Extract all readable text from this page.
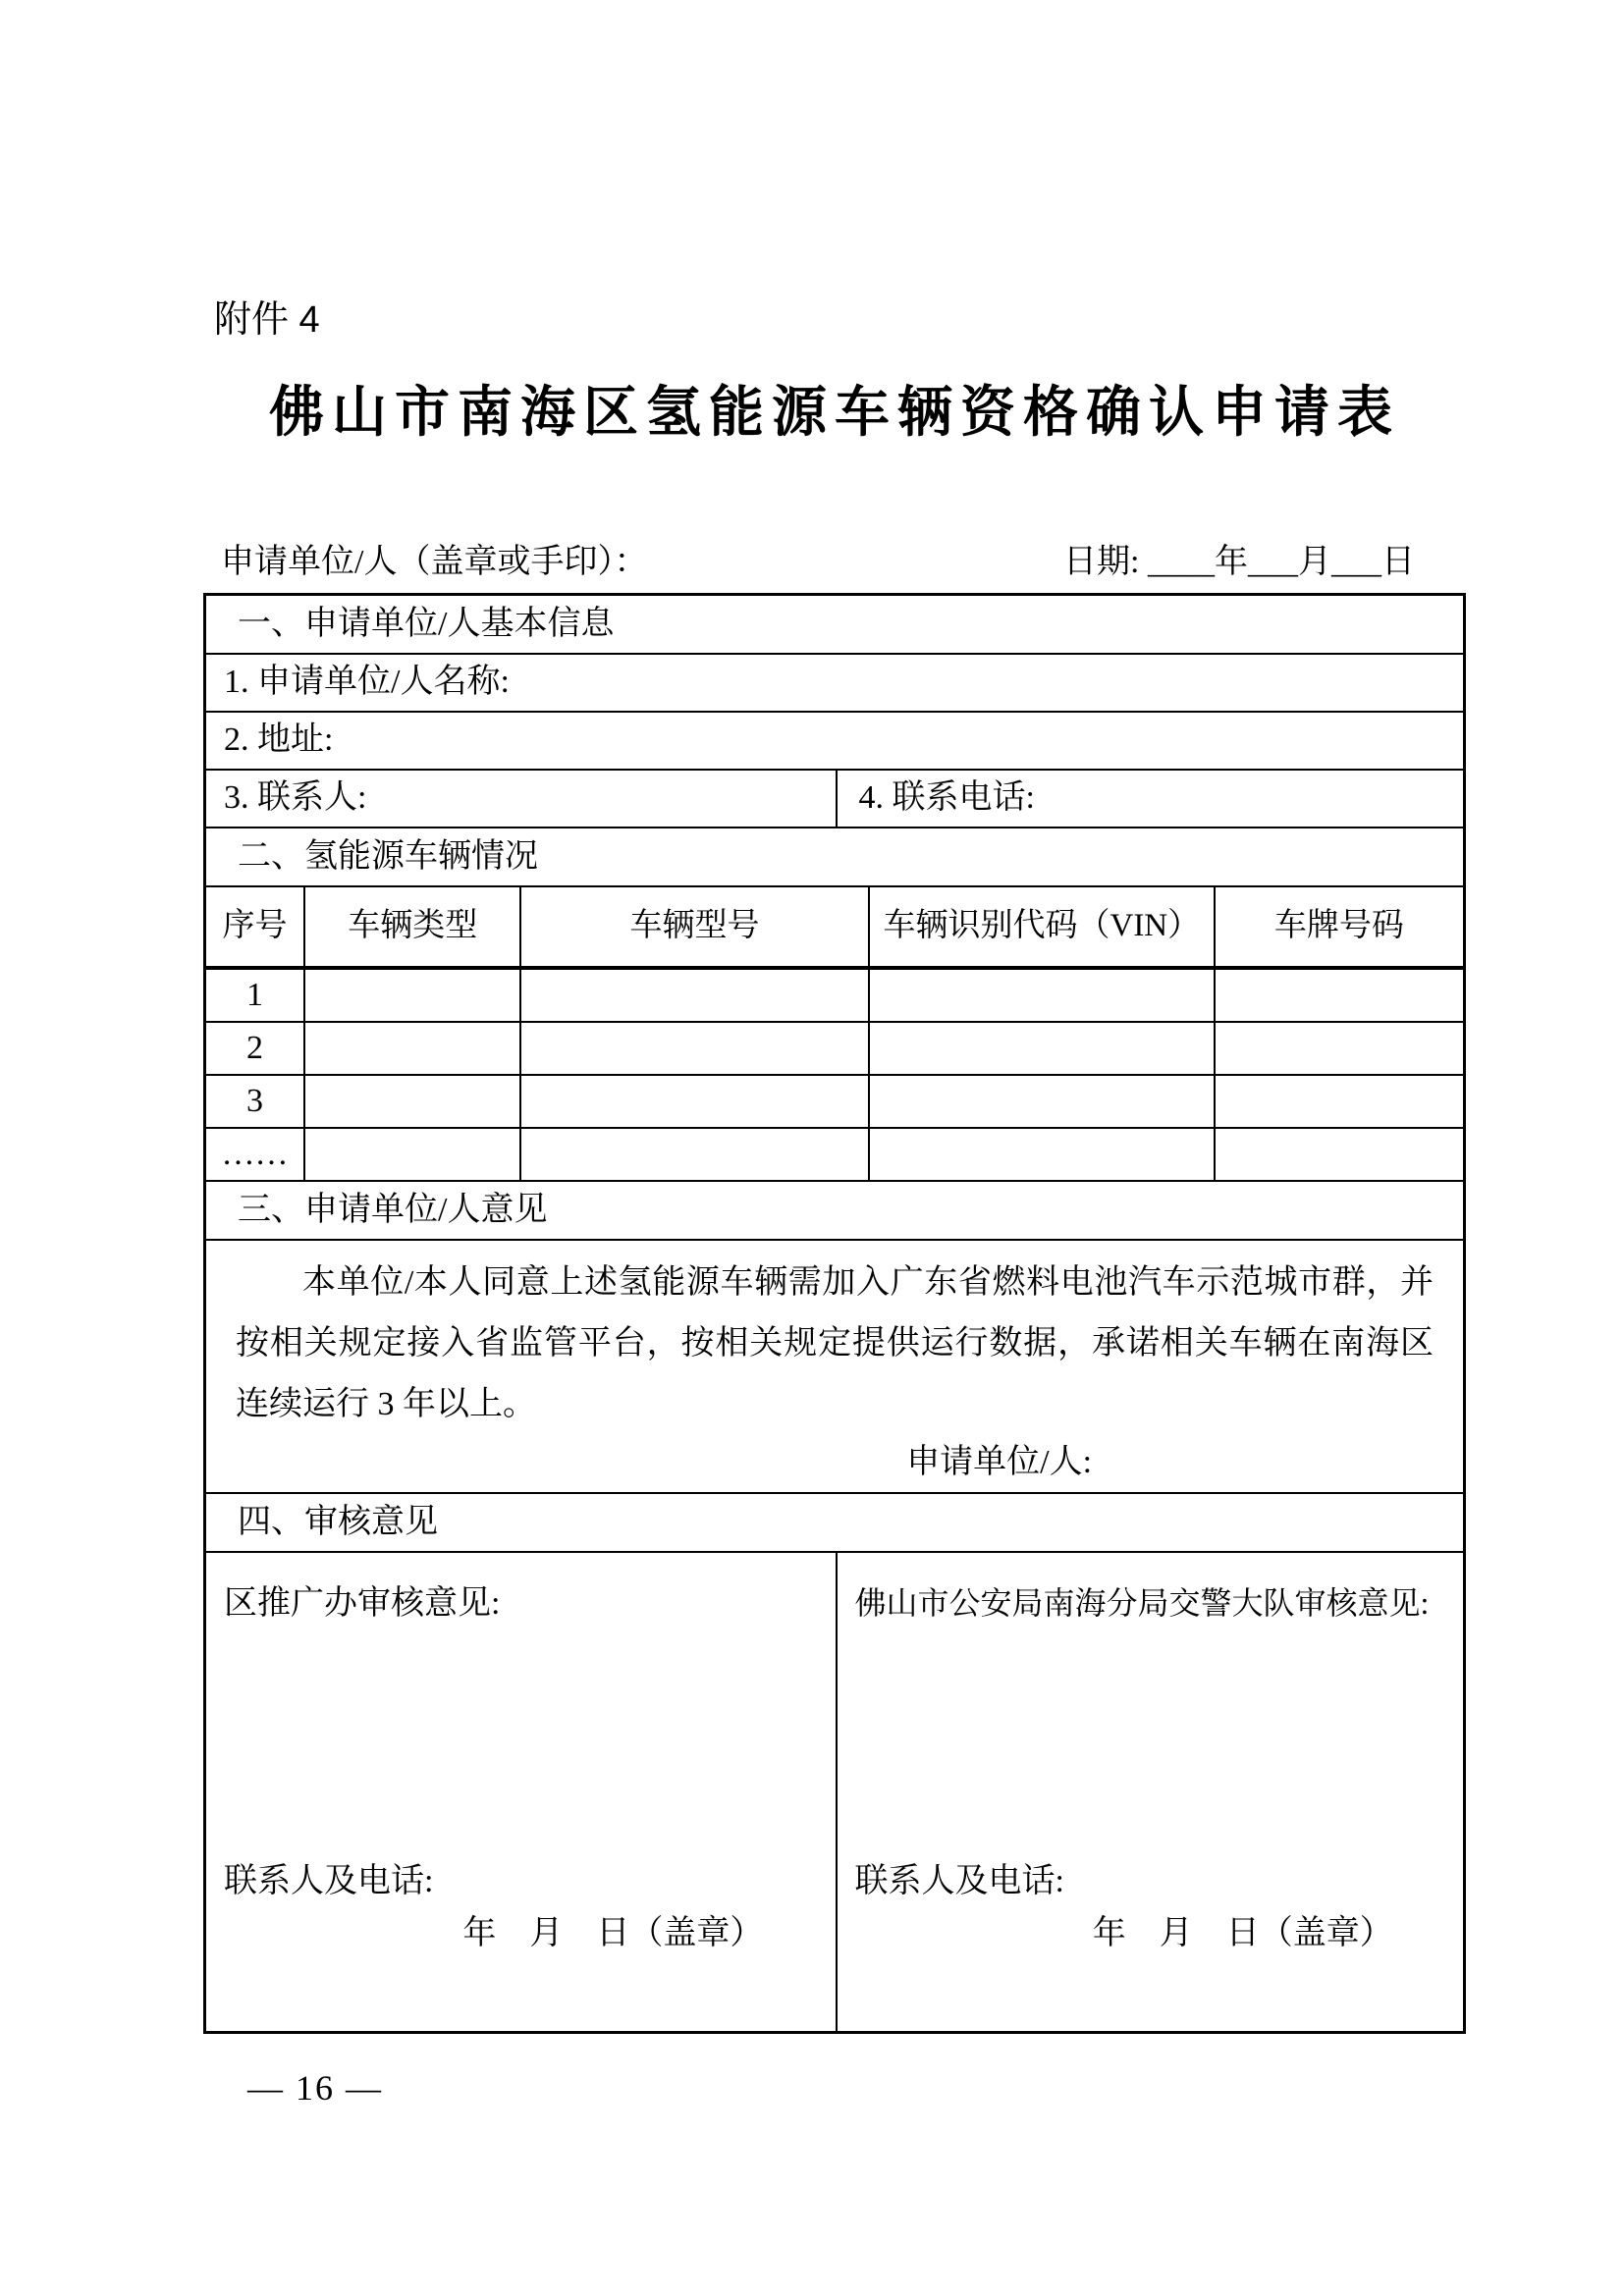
附件 4
佛山市南海区氢能源车辆资格确认申请表
申请单位/人（盖章或手印）：	日期: ____年___月___日
一、申请单位/人基本信息
1. 申请单位/人名称:
2. 地址:
3. 联系人:	4. 联系电话:
二、氢能源车辆情况
序号	车辆类型	车辆型号	车辆识别代码（VIN）	车牌号码
1
2
3
……
三、申请单位/人意见

本单位/本人同意上述氢能源车辆需加入广东省燃料电池汽车示范城市群，并按相关规定接入省监管平台，按相关规定提供运行数据，承诺相关车辆在南海区连续运行 3 年以上。

申请单位/人:
四、审核意见
区推广办审核意见:
联系人及电话:
年　月　日（盖章）
佛山市公安局南海分局交警大队审核意见:
联系人及电话:
年　月　日（盖章）
— 16 —
